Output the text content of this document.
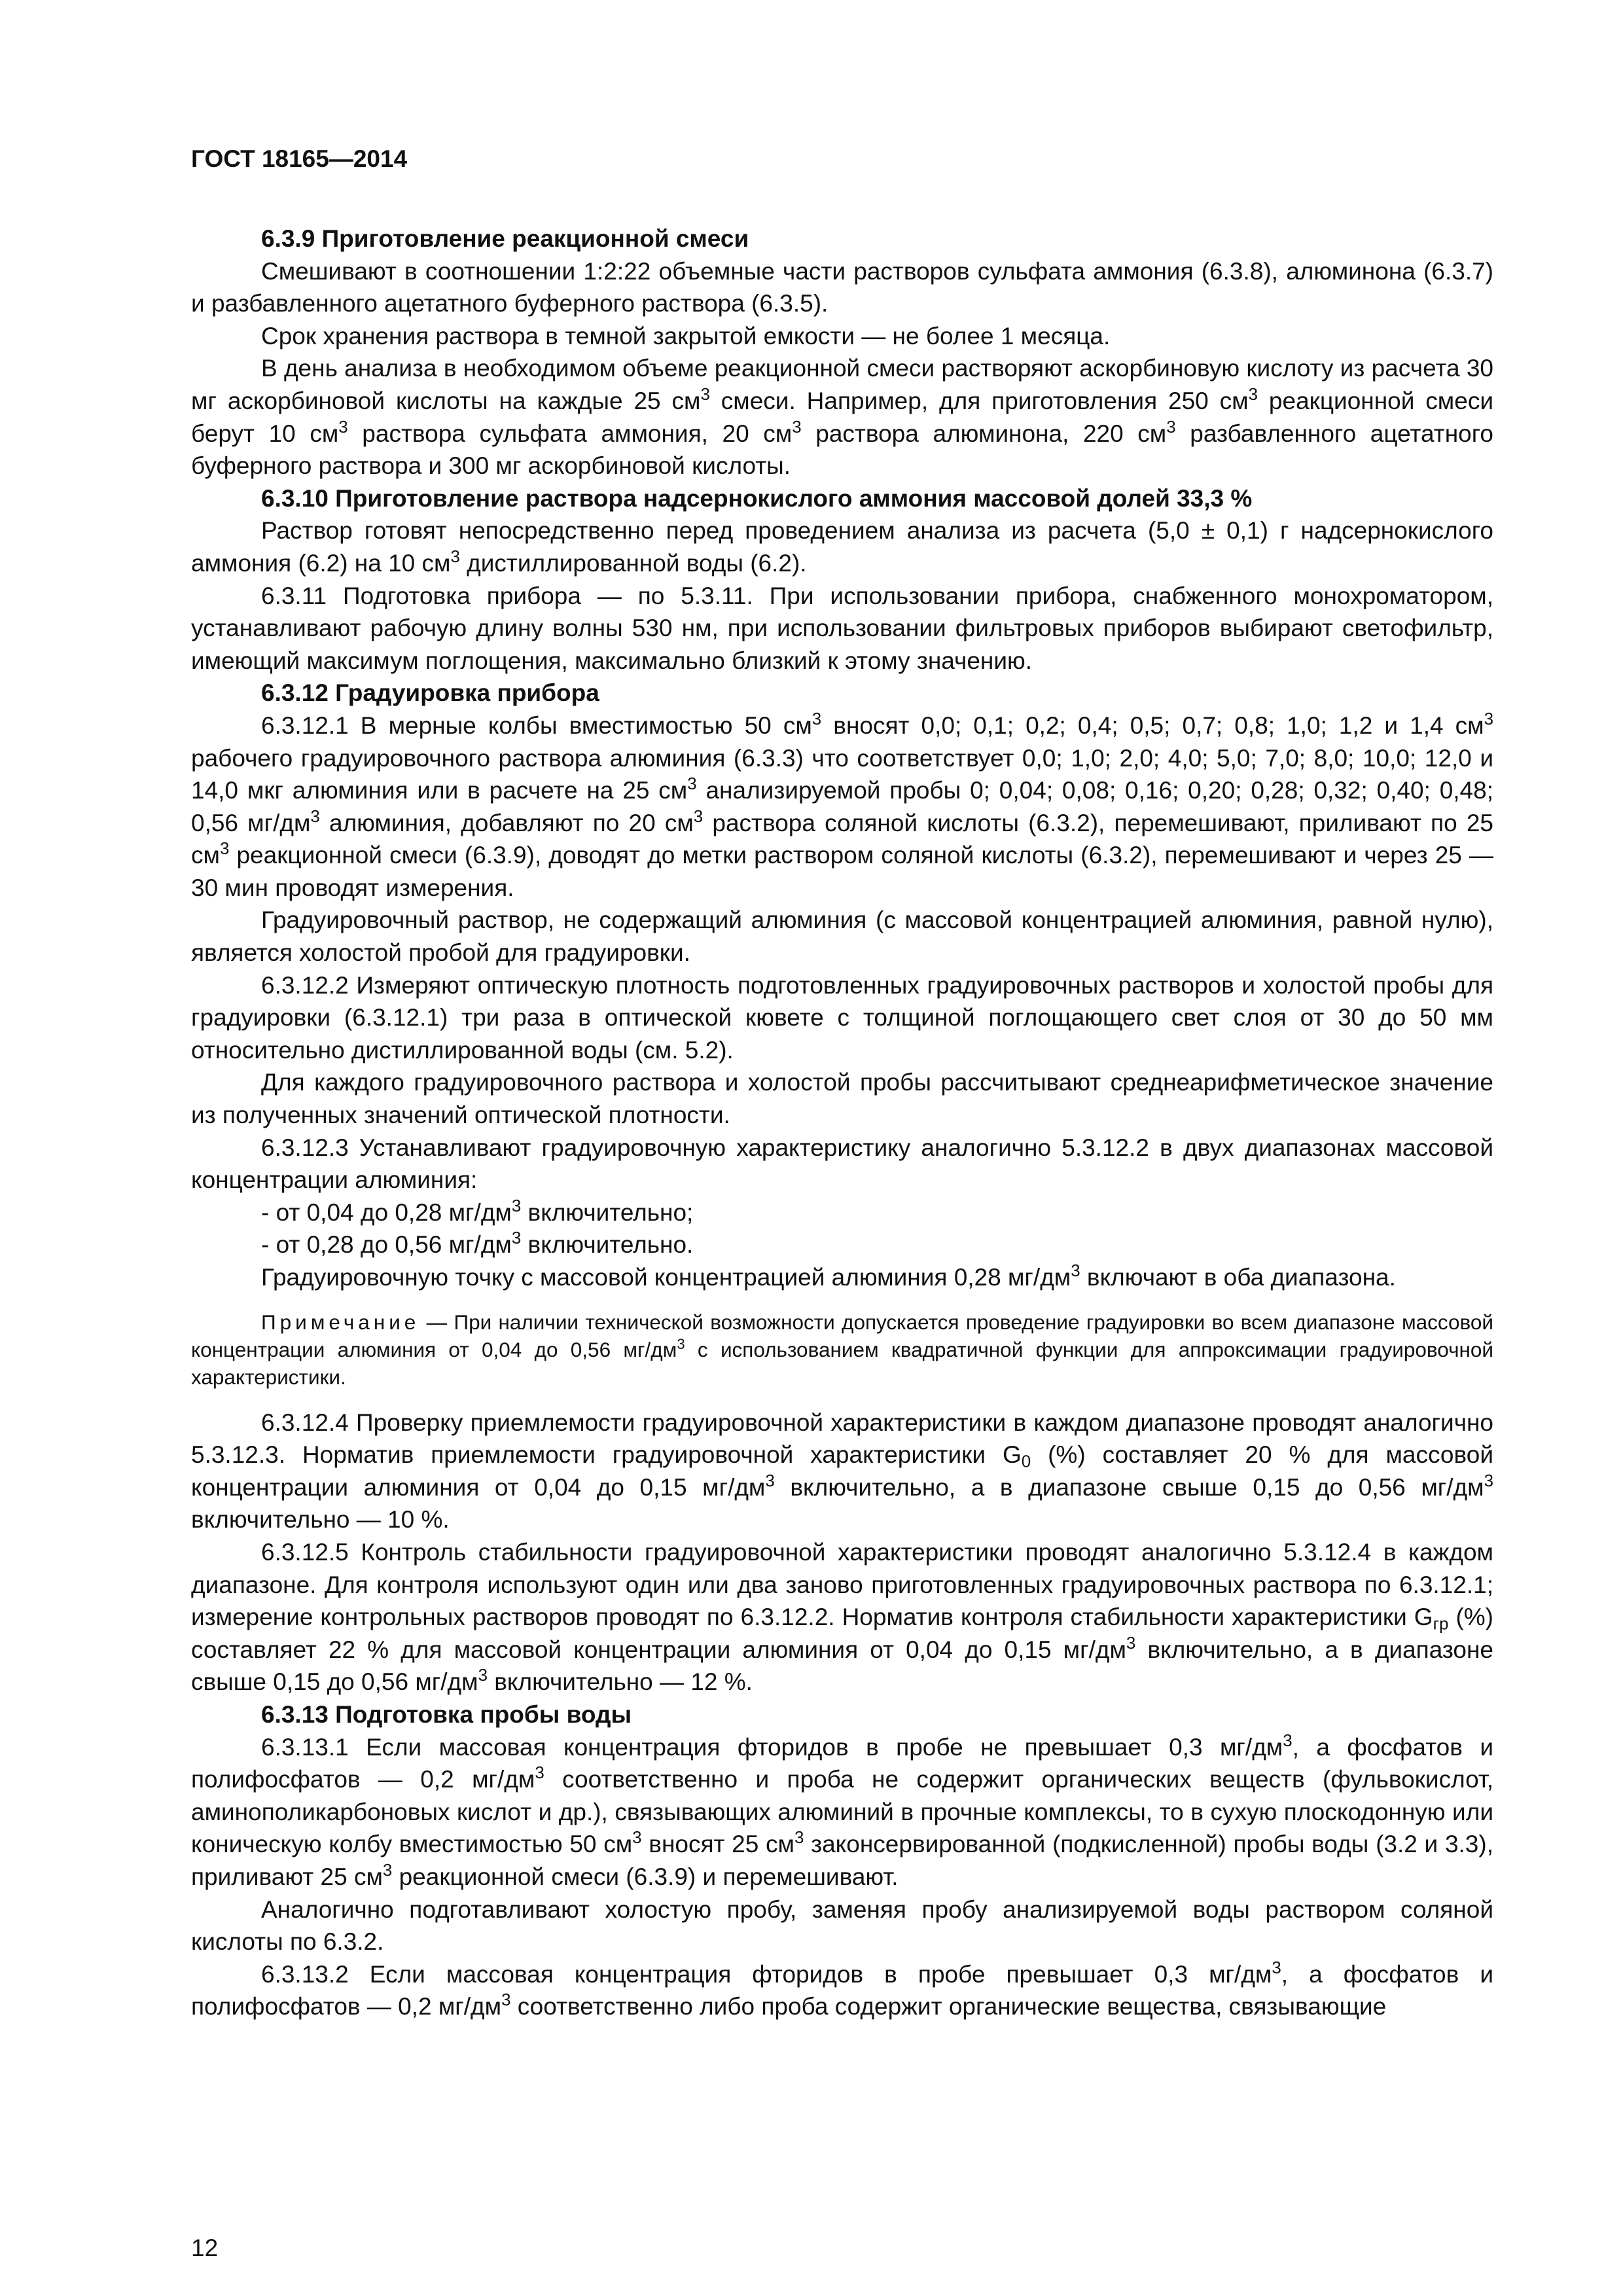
ГОСТ 18165—2014

6.3.9 Приготовление реакционной смеси

Смешивают в соотношении 1:2:22 объемные части растворов сульфата аммония (6.3.8), алюминона (6.3.7) и разбавленного ацетатного буферного раствора (6.3.5).

Срок хранения раствора в темной закрытой емкости — не более 1 месяца.

В день анализа в необходимом объеме реакционной смеси растворяют аскорбиновую кислоту из расчета 30 мг аскорбиновой кислоты на каждые 25 $см^3$ смеси. Например, для приготовления 250 $см^3$ реакционной смеси берут 10 $см^3$ раствора сульфата аммония, 20 $см^3$ раствора алюминона, 220 $см^3$ разбавленного ацетатного буферного раствора и 300 мг аскорбиновой кислоты.

6.3.10 Приготовление раствора надсернокислого аммония массовой долей 33,3 %

Раствор готовят непосредственно перед проведением анализа из расчета (5,0 ± 0,1) г надсернокислого аммония (6.2) на 10 $см^3$ дистиллированной воды (6.2).

6.3.11 Подготовка прибора — по 5.3.11. При использовании прибора, снабженного монохроматором, устанавливают рабочую длину волны 530 нм, при использовании фильтровых приборов выбирают светофильтр, имеющий максимум поглощения, максимально близкий к этому значению.

6.3.12 Градуировка прибора

6.3.12.1 В мерные колбы вместимостью 50 $см^3$ вносят 0,0; 0,1; 0,2; 0,4; 0,5; 0,7; 0,8; 1,0; 1,2 и 1,4 $см^3$ рабочего градуировочного раствора алюминия (6.3.3) что соответствует 0,0; 1,0; 2,0; 4,0; 5,0; 7,0; 8,0; 10,0; 12,0 и 14,0 мкг алюминия или в расчете на 25 $см^3$ анализируемой пробы 0; 0,04; 0,08; 0,16; 0,20; 0,28; 0,32; 0,40; 0,48; 0,56 $мг/дм^3$ алюминия, добавляют по 20 $см^3$ раствора соляной кислоты (6.3.2), перемешивают, приливают по 25 $см^3$ реакционной смеси (6.3.9), доводят до метки раствором соляной кислоты (6.3.2), перемешивают и через 25 — 30 мин проводят измерения.

Градуировочный раствор, не содержащий алюминия (с массовой концентрацией алюминия, равной нулю), является холостой пробой для градуировки.

6.3.12.2 Измеряют оптическую плотность подготовленных градуировочных растворов и холостой пробы для градуировки (6.3.12.1) три раза в оптической кювете с толщиной поглощающего свет слоя от 30 до 50 мм относительно дистиллированной воды (см. 5.2).

Для каждого градуировочного раствора и холостой пробы рассчитывают среднеарифметическое значение из полученных значений оптической плотности.

6.3.12.3 Устанавливают градуировочную характеристику аналогично 5.3.12.2 в двух диапазонах массовой концентрации алюминия:

- от 0,04 до 0,28 $мг/дм^3$ включительно;

- от 0,28 до 0,56 $мг/дм^3$ включительно.

Градуировочную точку с массовой концентрацией алюминия 0,28 $мг/дм^3$ включают в оба диапазона.

Примечание — При наличии технической возможности допускается проведение градуировки во всем диапазоне массовой концентрации алюминия от 0,04 до 0,56 $мг/дм^3$ с использованием квадратичной функции для аппроксимации градуировочной характеристики.

6.3.12.4 Проверку приемлемости градуировочной характеристики в каждом диапазоне проводят аналогично 5.3.12.3. Норматив приемлемости градуировочной характеристики $G_0$ (%) составляет 20 % для массовой концентрации алюминия от 0,04 до 0,15 $мг/дм^3$ включительно, а в диапазоне свыше 0,15 до 0,56 $мг/дм^3$ включительно — 10 %.

6.3.12.5 Контроль стабильности градуировочной характеристики проводят аналогично 5.3.12.4 в каждом диапазоне. Для контроля используют один или два заново приготовленных градуировочных раствора по 6.3.12.1; измерение контрольных растворов проводят по 6.3.12.2. Норматив контроля стабильности характеристики $G_{гр}$ (%) составляет 22 % для массовой концентрации алюминия от 0,04 до 0,15 $мг/дм^3$ включительно, а в диапазоне свыше 0,15 до 0,56 $мг/дм^3$ включительно — 12 %.

6.3.13 Подготовка пробы воды

6.3.13.1 Если массовая концентрация фторидов в пробе не превышает 0,3 $мг/дм^3$, а фосфатов и полифосфатов — 0,2 $мг/дм^3$ соответственно и проба не содержит органических веществ (фульвокислот, аминополикарбоновых кислот и др.), связывающих алюминий в прочные комплексы, то в сухую плоскодонную или коническую колбу вместимостью 50 $см^3$ вносят 25 $см^3$ законсервированной (подкисленной) пробы воды (3.2 и 3.3), приливают 25 $см^3$ реакционной смеси (6.3.9) и перемешивают.

Аналогично подготавливают холостую пробу, заменяя пробу анализируемой воды раствором соляной кислоты по 6.3.2.

6.3.13.2 Если массовая концентрация фторидов в пробе превышает 0,3 $мг/дм^3$, а фосфатов и полифосфатов — 0,2 $мг/дм^3$ соответственно либо проба содержит органические вещества, связывающие

12
